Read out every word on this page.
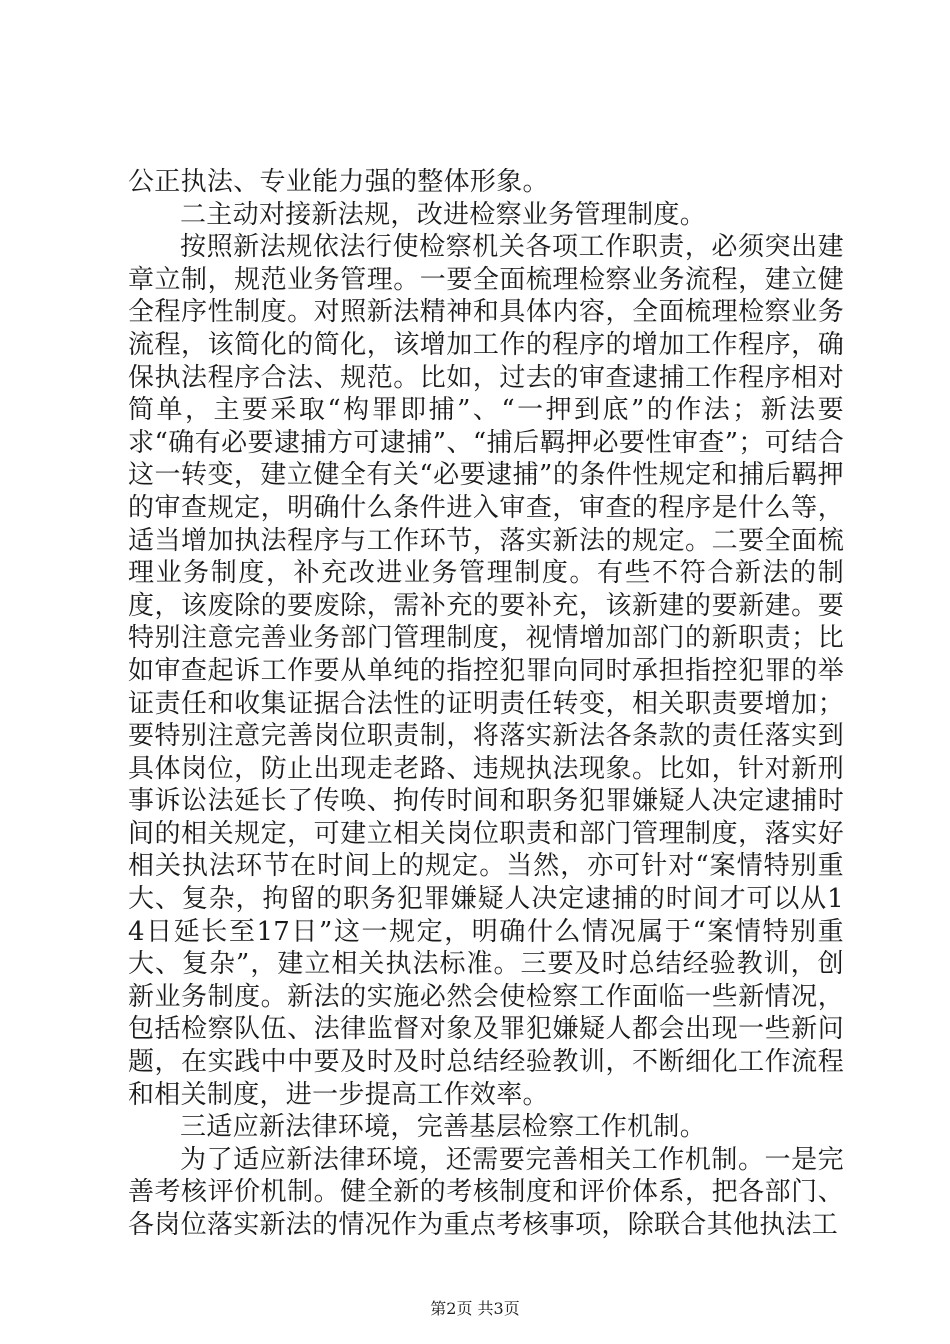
公正执法、专业能力强的整体形象。

二主动对接新法规，改进检察业务管理制度。

按照新法规依法行使检察机关各项工作职责，必须突出建章立制，规范业务管理。一要全面梳理检察业务流程，建立健全程序性制度。对照新法精神和具体内容，全面梳理检察业务流程，该简化的简化，该增加工作的程序的增加工作程序，确保执法程序合法、规范。比如，过去的审查逮捕工作程序相对简单，主要采取“构罪即捕”、“一押到底”的作法；新法要求“确有必要逮捕方可逮捕”、“捕后羁押必要性审查”；可结合这一转变，建立健全有关“必要逮捕”的条件性规定和捕后羁押的审查规定，明确什么条件进入审查，审查的程序是什么等，适当增加执法程序与工作环节，落实新法的规定。二要全面梳理业务制度，补充改进业务管理制度。有些不符合新法的制度，该废除的要废除，需补充的要补充，该新建的要新建。要特别注意完善业务部门管理制度，视情增加部门的新职责；比如审查起诉工作要从单纯的指控犯罪向同时承担指控犯罪的举证责任和收集证据合法性的证明责任转变，相关职责要增加；要特别注意完善岗位职责制，将落实新法各条款的责任落实到具体岗位，防止出现走老路、违规执法现象。比如，针对新刑事诉讼法延长了传唤、拘传时间和职务犯罪嫌疑人决定逮捕时间的相关规定，可建立相关岗位职责和部门管理制度，落实好相关执法环节在时间上的规定。当然，亦可针对“案情特别重大、复杂，拘留的职务犯罪嫌疑人决定逮捕的时间才可以从14日延长至17日”这一规定，明确什么情况属于“案情特别重大、复杂”，建立相关执法标准。三要及时总结经验教训，创新业务制度。新法的实施必然会使检察工作面临一些新情况，包括检察队伍、法律监督对象及罪犯嫌疑人都会出现一些新问题，在实践中中要及时及时总结经验教训，不断细化工作流程和相关制度，进一步提高工作效率。

三适应新法律环境，完善基层检察工作机制。

为了适应新法律环境，还需要完善相关工作机制。一是完善考核评价机制。健全新的考核制度和评价体系，把各部门、各岗位落实新法的情况作为重点考核事项，除联合其他执法工

第2页 共3页
